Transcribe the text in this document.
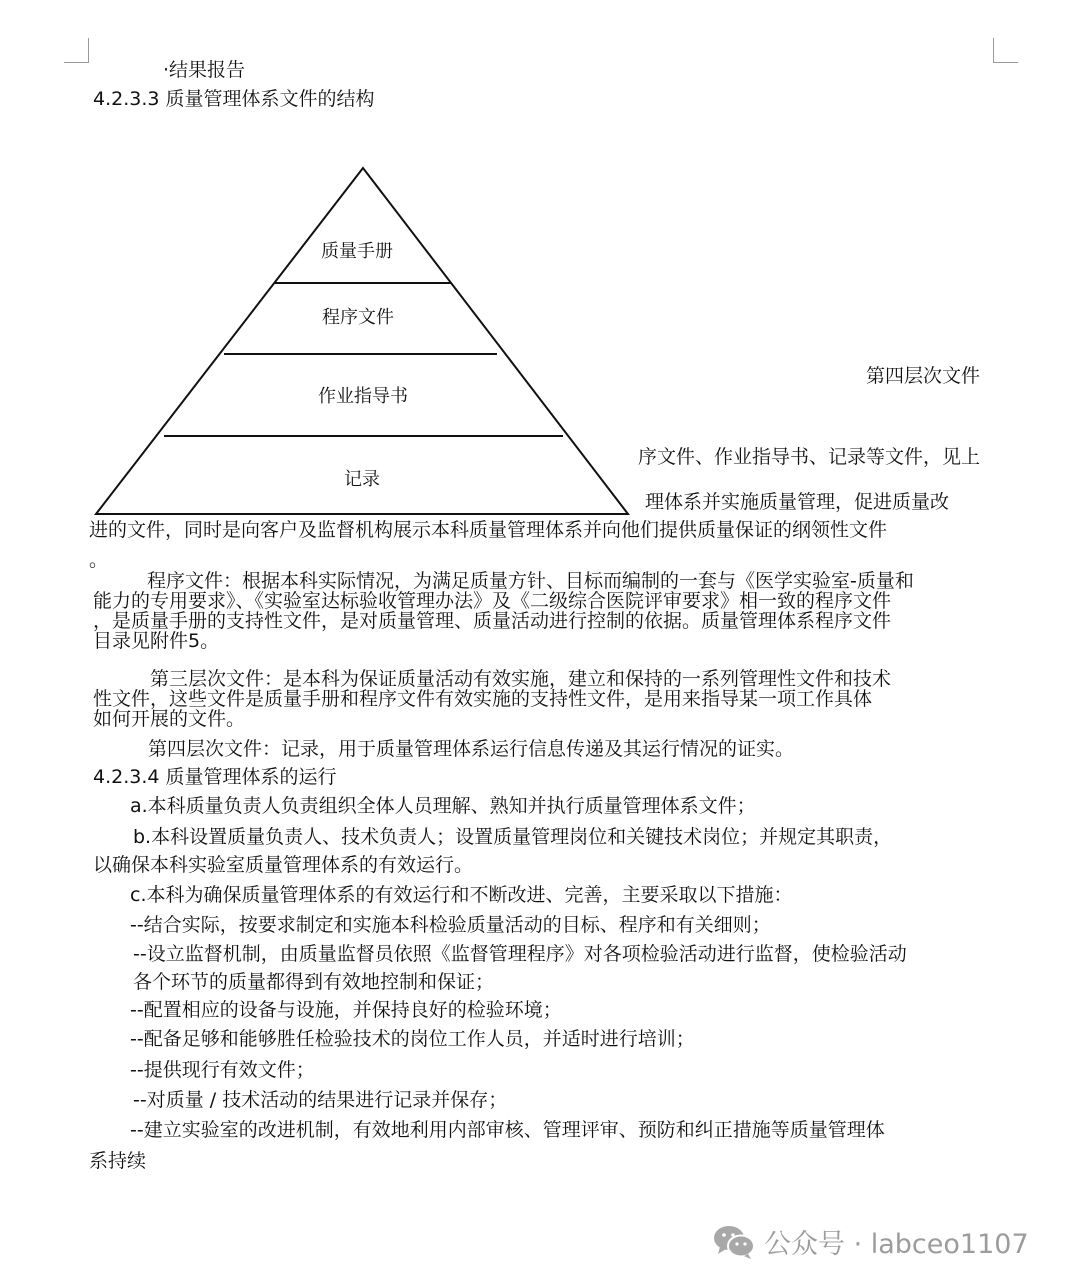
·结果报告
4.2.3.3 质量管理体系文件的结构
质量手册
程序文件
作业指导书
记录
第四层次文件
序文件、作业指导书、记录等文件，见上
理体系并实施质量管理，促进质量改
进的文件，同时是向客户及监督机构展示本科质量管理体系并向他们提供质量保证的纲领性文件
。
程序文件：根据本科实际情况，为满足质量方针、目标而编制的一套与《医学实验室-质量和
能力的专用要求》、《实验室达标验收管理办法》及《二级综合医院评审要求》相一致的程序文件
，是质量手册的支持性文件，是对质量管理、质量活动进行控制的依据。质量管理体系程序文件
目录见附件5。
第三层次文件：是本科为保证质量活动有效实施，建立和保持的一系列管理性文件和技术
性文件，这些文件是质量手册和程序文件有效实施的支持性文件，是用来指导某一项工作具体
如何开展的文件。
第四层次文件：记录，用于质量管理体系运行信息传递及其运行情况的证实。
4.2.3.4 质量管理体系的运行
a.本科质量负责人负责组织全体人员理解、熟知并执行质量管理体系文件；
b.本科设置质量负责人、技术负责人；设置质量管理岗位和关键技术岗位；并规定其职责，
以确保本科实验室质量管理体系的有效运行。
c.本科为确保质量管理体系的有效运行和不断改进、完善，主要采取以下措施：
--结合实际，按要求制定和实施本科检验质量活动的目标、程序和有关细则；
--设立监督机制，由质量监督员依照《监督管理程序》对各项检验活动进行监督，使检验活动
各个环节的质量都得到有效地控制和保证；
--配置相应的设备与设施，并保持良好的检验环境；
--配备足够和能够胜任检验技术的岗位工作人员，并适时进行培训；
--提供现行有效文件；
--对质量 / 技术活动的结果进行记录并保存；
--建立实验室的改进机制，有效地利用内部审核、管理评审、预防和纠正措施等质量管理体
系持续
公众号 · labceo1107
